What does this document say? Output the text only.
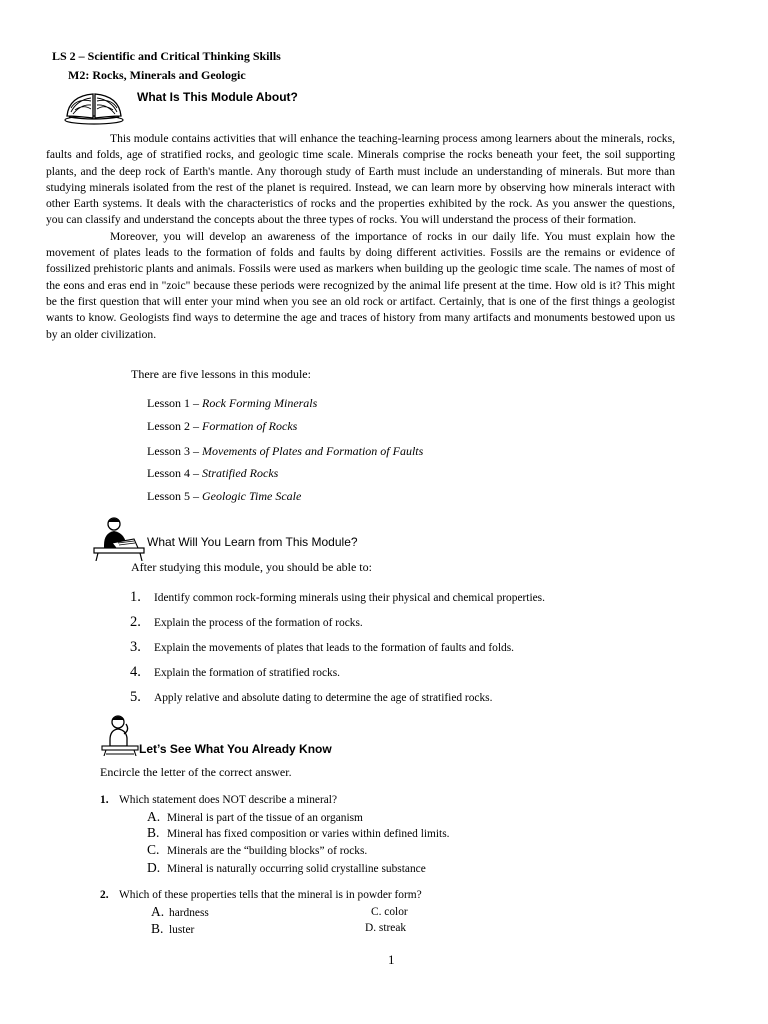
LS 2 – Scientific and Critical Thinking Skills
M2: Rocks, Minerals and Geologic
What Is This Module About?

This module contains activities that will enhance the teaching-learning process among learners about the minerals, rocks, faults and folds, age of stratified rocks, and geologic time scale. Minerals comprise the rocks beneath your feet, the soil supporting plants, and the deep rock of Earth's mantle. Any thorough study of Earth must include an understanding of minerals. But more than studying minerals isolated from the rest of the planet is required. Instead, we can learn more by observing how minerals interact with other Earth systems. It deals with the characteristics of rocks and the properties exhibited by the rock. As you answer the questions, you can classify and understand the concepts about the three types of rocks. You will understand the process of their formation.

Moreover, you will develop an awareness of the importance of rocks in our daily life. You must explain how the movement of plates leads to the formation of folds and faults by doing different activities. Fossils are the remains or evidence of fossilized prehistoric plants and animals. Fossils were used as markers when building up the geologic time scale. The names of most of the eons and eras end in "zoic" because these periods were recognized by the animal life present at the time. How old is it? This might be the first question that will enter your mind when you see an old rock or artifact. Certainly, that is one of the first things a geologist wants to know. Geologists find ways to determine the age and traces of history from many artifacts and monuments bestowed upon us by an older civilization.

There are five lessons in this module:
Lesson 1 – Rock Forming Minerals
Lesson 2 – Formation of Rocks
Lesson 3 – Movements of Plates and Formation of Faults
Lesson 4 – Stratified Rocks
Lesson 5 – Geologic Time Scale
What Will You Learn from This Module?
After studying this module, you should be able to:
1.	Identify common rock-forming minerals using their physical and chemical properties.
2.	Explain the process of the formation of rocks.
3.	Explain the movements of plates that leads to the formation of faults and folds.
4.	Explain the formation of stratified rocks.
5.	Apply relative and absolute dating to determine the age of stratified rocks.
Let’s See What You Already Know
Encircle the letter of the correct answer.
1. Which statement does NOT describe a mineral?
A. Mineral is part of the tissue of an organism
B. Mineral has fixed composition or varies within defined limits.
C. Minerals are the “building blocks” of rocks.
D. Mineral is naturally occurring solid crystalline substance
2. Which of these properties tells that the mineral is in powder form?
A. hardness
B. luster
C. color
D. streak
1
